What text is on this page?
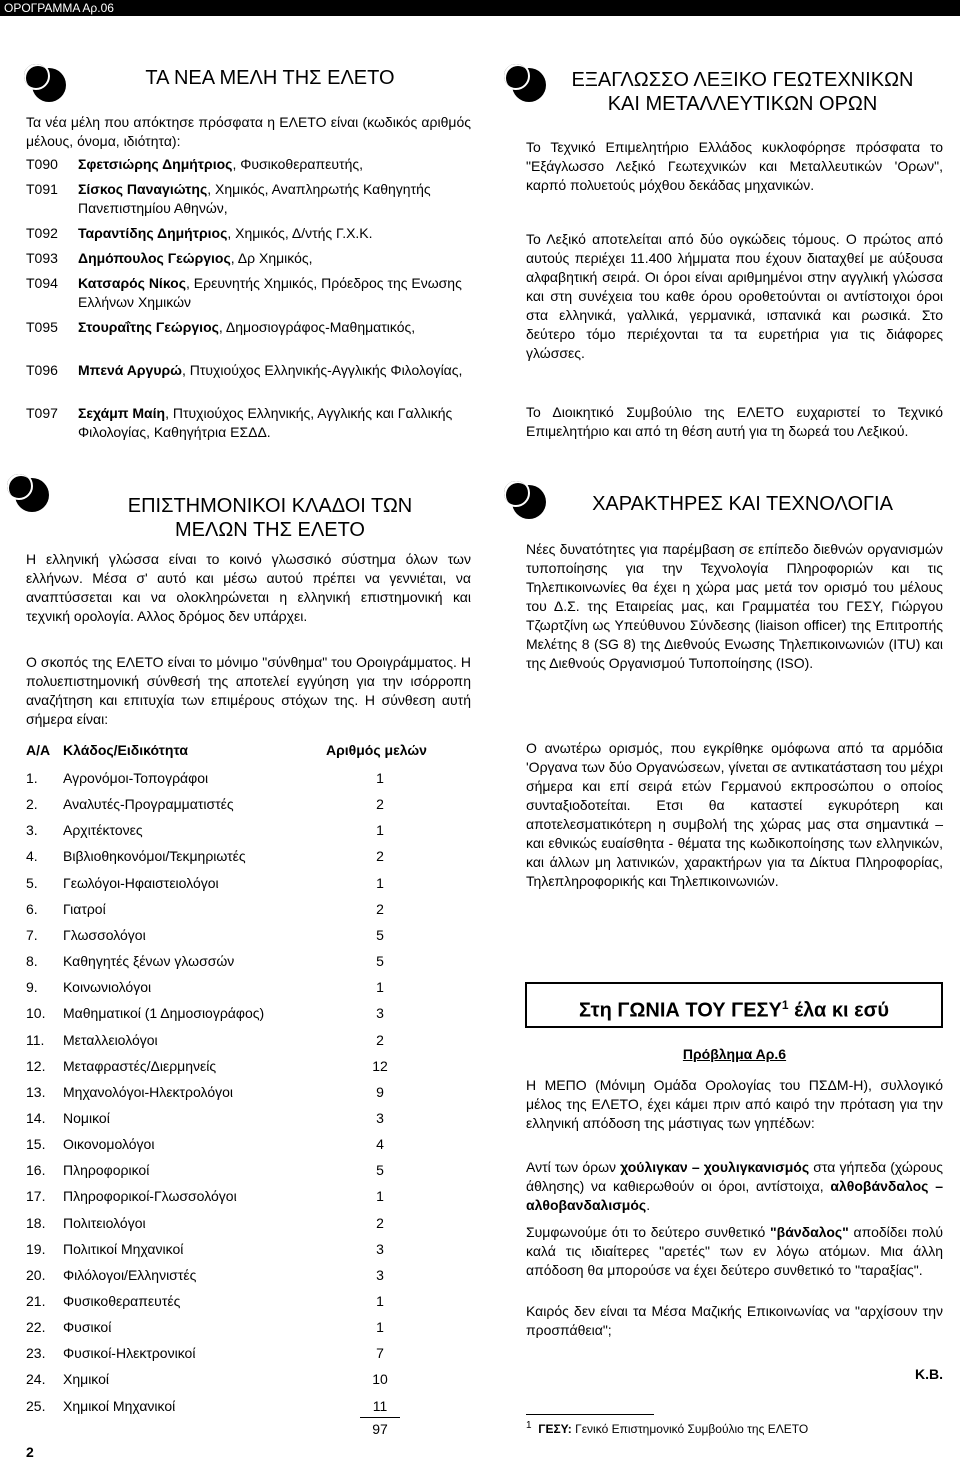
ΟΡΟΓΡΑΜΜΑ Αρ.06
ΤΑ ΝΕΑ ΜΕΛΗ ΤΗΣ ΕΛΕΤΟ
Τα νέα μέλη που απόκτησε πρόσφατα η ΕΛΕΤΟ είναι (κωδικός αριθμός μέλους, όνομα, ιδιότητα):
T090 Σφετσιώρης Δημήτριος, Φυσικοθεραπευτής,
T091 Σίσκος Παναγιώτης, Χημικός, Αναπληρωτής Καθηγητής Πανεπιστημίου Αθηνών,
T092 Ταραντίδης Δημήτριος, Χημικός, Δ/ντής Γ.Χ.Κ.
T093 Δημόπουλος Γεώργιος, Δρ Χημικός,
T094 Κατσαρός Νίκος, Ερευνητής Χημικός, Πρόεδρος της Ενωσης Ελλήνων Χημικών
T095 Στουραΐτης Γεώργιος, Δημοσιογράφος-Μαθηματικός,
T096 Μπενά Αργυρώ, Πτυχιούχος Ελληνικής-Αγγλικής Φιλολογίας,
T097 Σεχάμπ Μαίη, Πτυχιούχος Ελληνικής, Αγγλικής και Γαλλικής Φιλολογίας, Καθηγήτρια ΕΣΔΔ.
ΕΠΙΣΤΗΜΟΝΙΚΟΙ ΚΛΑΔΟΙ ΤΩΝ
ΜΕΛΩΝ ΤΗΣ ΕΛΕΤΟ
Η ελληνική γλώσσα είναι το κοινό γλωσσικό σύστημα όλων των ελλήνων. Μέσα σ' αυτό και μέσω αυτού πρέπει να γεννιέται, να αναπτύσσεται και να ολοκληρώνεται η ελληνική επιστημονική και τεχνική ορολογία. Αλλος δρόμος δεν υπάρχει.
Ο σκοπός της ΕΛΕΤΟ είναι το μόνιμο "σύνθημα" του Οροιγράμματος. Η πολυεπιστημονική σύνθεσή της αποτελεί εγγύηση για την ισόρροπη αναζήτηση και επιτυχία των επιμέρους στόχων της. Η σύνθεση αυτή σήμερα είναι:
Α/Α Κλάδος/Ειδικότητα	Αριθμός μελών
1.	Αγρονόμοι-Τοπογράφοι	1
2.	Αναλυτές-Προγραμματιστές	2
3.	Αρχιτέκτονες	1
4.	Βιβλιοθηκονόμοι/Τεκμηριωτές	2
5.	Γεωλόγοι-Ηφαιστειολόγοι	1
6.	Γιατροί	2
7.	Γλωσσολόγοι	5
8.	Καθηγητές ξένων γλωσσών	5
9.	Κοινωνιολόγοι	1
10.	Μαθηματικοί (1 Δημοσιογράφος)	3
11.	Μεταλλειολόγοι	2
12.	Μεταφραστές/Διερμηνείς	12
13.	Μηχανολόγοι-Ηλεκτρολόγοι	9
14.	Νομικοί	3
15.	Οικονομολόγοι	4
16.	Πληροφορικοί	5
17.	Πληροφορικοί-Γλωσσολόγοι	1
18.	Πολιτειολόγοι	2
19.	Πολιτικοί Μηχανικοί	3
20.	Φιλόλογοι/Ελληνιστές	3
21.	Φυσικοθεραπευτές	1
22.	Φυσικοί	1
23.	Φυσικοί-Ηλεκτρονικοί	7
24.	Χημικοί	10
25.	Χημικοί Μηχανικοί	11
97
2
ΕΞΑΓΛΩΣΣΟ ΛΕΞΙΚΟ ΓΕΩΤΕΧΝΙΚΩΝ
ΚΑΙ ΜΕΤΑΛΛΕΥΤΙΚΩΝ ΟΡΩΝ
Το Τεχνικό Επιμελητήριο Ελλάδος κυκλοφόρησε πρόσφατα το "Εξάγλωσσο Λεξικό Γεωτεχνικών και Μεταλλευτικών 'Ορων", καρπό πολυετούς μόχθου δεκάδας μηχανικών.
Το Λεξικό αποτελείται από δύο ογκώδεις τόμους. Ο πρώτος από αυτούς περιέχει 11.400 λήμματα που έχουν διαταχθεί με αύξουσα αλφαβητική σειρά. Οι όροι είναι αριθμημένοι στην αγγλική γλώσσα και στη συνέχεια του καθε όρου οροθετούνται οι αντίστοιχοι όροι στα ελληνικά, γαλλικά, γερμανικά, ισπανικά και ρωσικά. Στο δεύτερο τόμο περιέχονται τα τα ευρετήρια για τις διάφορες γλώσσες.
Το Διοικητικό Συμβούλιο της ΕΛΕΤΟ ευχαριστεί το Τεχνικό Επιμελητήριο και από τη θέση αυτή για τη δωρεά του Λεξικού.
ΧΑΡΑΚΤΗΡΕΣ ΚΑΙ ΤΕΧΝΟΛΟΓΙΑ
Νέες δυνατότητες για παρέμβαση σε επίπεδο διεθνών οργανισμών τυποποίησης για την Τεχνολογία Πληροφοριών και τις Τηλεπικοινωνίες θα έχει η χώρα μας μετά τον ορισμό του μέλους του Δ.Σ. της Εταιρείας μας, και Γραμματέα του ΓΕΣΥ, Γιώργου Τζωρτζίνη ως Υπεύθυνου Σύνδεσης (liaison officer) της Επιτροπής Μελέτης 8 (SG 8) της Διεθνούς Ενωσης Τηλεπικοινωνιών (ITU) και της Διεθνούς Οργανισμού Τυποποίησης (ISO).
Ο ανωτέρω ορισμός, που εγκρίθηκε ομόφωνα από τα αρμόδια 'Οργανα των δύο Οργανώσεων, γίνεται σε αντικατάσταση του μέχρι σήμερα και επί σειρά ετών Γερμανού εκπροσώπου ο οποίος συνταξιοδοτείται. Ετσι θα καταστεί εγκυρότερη και αποτελεσματικότερη η συμβολή της χώρας μας στα σημαντικά – και εθνικώς ευαίσθητα - θέματα της κωδικοποίησης των ελληνικών, και άλλων μη λατινικών, χαρακτήρων για τα Δίκτυα Πληροφορίας, Τηλεπληροφορικής και Τηλεπικοινωνιών.
Στη ΓΩΝΙΑ ΤΟΥ ΓΕΣΥ$^1$ έλα κι εσύ
Πρόβλημα Αρ.6
Η ΜΕΠΟ (Μόνιμη Ομάδα Ορολογίας του ΠΣΔΜ-Η), συλλογικό μέλος της ΕΛΕΤΟ, έχει κάμει πριν από καιρό την πρόταση για την ελληνική απόδοση της μάστιγας των γηπέδων:
Αντί των όρων χούλιγκαν – χουλιγκανισμός στα γήπεδα (χώρους άθλησης) να καθιερωθούν οι όροι, αντίστοιχα, αλθοβάνδαλος – αλθοβανδαλισμός.
Συμφωνούμε ότι το δεύτερο συνθετικό "βάνδαλος" αποδίδει πολύ καλά τις ιδιαίτερες "αρετές" των εν λόγω ατόμων. Μια άλλη απόδοση θα μπορούσε να έχει δεύτερο συνθετικό το "ταραξίας".
Καιρός δεν είναι τα Μέσα Μαζικής Επικοινωνίας να "αρχίσουν την προσπάθεια";
Κ.Β.
$^1$ ΓΕΣΥ: Γενικό Επιστημονικό Συμβούλιο της ΕΛΕΤΟ
